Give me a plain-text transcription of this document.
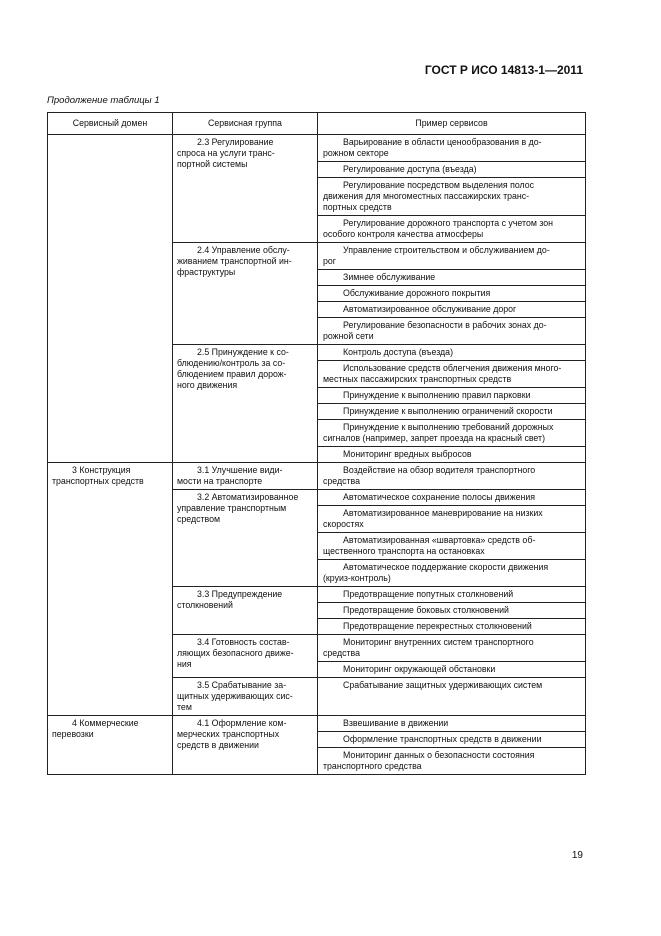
ГОСТ Р ИСО 14813-1—2011
Продолжение таблицы 1
Сервисный домен	Сервисная группа	Пример сервисов

	2.3 Регулирование
спроса на услуги транс-
портной системы	Варьирование в области ценообразования в до-
рожном секторе

		Регулирование доступа (въезда)

		Регулирование посредством выделения полос
движения для многоместных пассажирских транс-
портных средств

		Регулирование дорожного транспорта с учетом зон
особого контроля качества атмосферы

	2.4 Управление обслу-
живанием транспортной ин-
фраструктуры	Управление строительством и обслуживанием до-
рог

		Зимнее обслуживание

		Обслуживание дорожного покрытия

		Автоматизированное обслуживание дорог

		Регулирование безопасности в рабочих зонах до-
рожной сети

	2.5 Принуждение к со-
блюдению/контроль за со-
блюдением правил дорож-
ного движения	Контроль доступа (въезда)

		Использование средств облегчения движения много-
местных пассажирских транспортных средств

		Принуждение к выполнению правил парковки

		Принуждение к выполнению ограничений скорости

		Принуждение к выполнению требований дорожных
сигналов (например, запрет проезда на красный свет)

		Мониторинг вредных выбросов

3 Конструкция
транспортных средств	3.1 Улучшение види-
мости на транспорте	Воздействие на обзор водителя транспортного
средства

	3.2 Автоматизированное
управление транспортным
средством	Автоматическое сохранение полосы движения

		Автоматизированное маневрирование на низких
скоростях

		Автоматизированная «швартовка» средств об-
щественного транспорта на остановках

		Автоматическое поддержание скорости движения
(круиз-контроль)

	3.3 Предупреждение
столкновений	Предотвращение попутных столкновений

		Предотвращение боковых столкновений

		Предотвращение перекрестных столкновений

	3.4 Готовность состав-
ляющих безопасного движе-
ния	Мониторинг внутренних систем транспортного
средства

		Мониторинг окружающей обстановки

	3.5 Срабатывание за-
щитных удерживающих сис-
тем	Срабатывание защитных удерживающих систем

4 Коммерческие
перевозки	4.1 Оформление ком-
мерческих транспортных
средств в движении	Взвешивание в движении

		Оформление транспортных средств в движении

		Мониторинг данных о безопасности состояния
транспортного средства
19
